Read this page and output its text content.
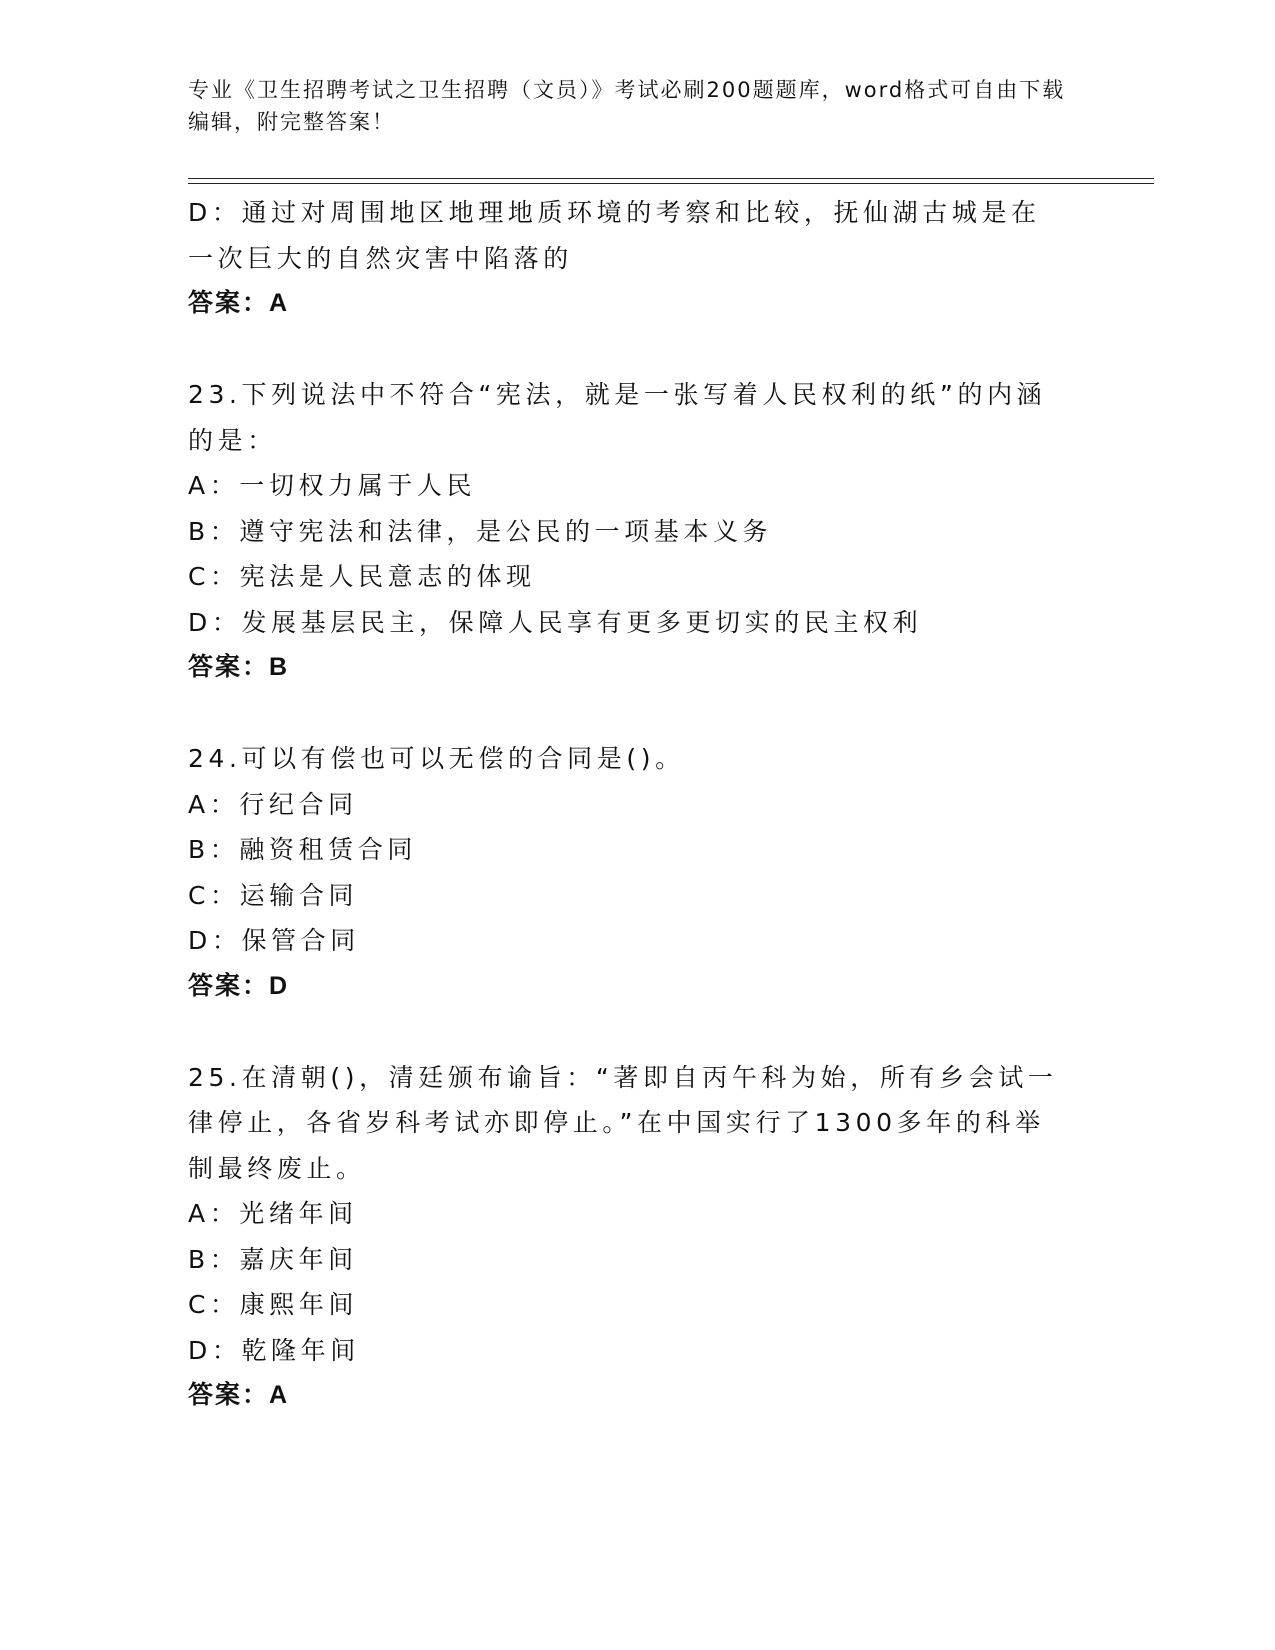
专业《卫生招聘考试之卫生招聘（文员）》考试必刷200题题库，word格式可自由下载编辑，附完整答案！
D：通过对周围地区地理地质环境的考察和比较，抚仙湖古城是在一次巨大的自然灾害中陷落的
答案：A
23.下列说法中不符合“宪法，就是一张写着人民权利的纸”的内涵的是：
A：一切权力属于人民
B：遵守宪法和法律，是公民的一项基本义务
C：宪法是人民意志的体现
D：发展基层民主，保障人民享有更多更切实的民主权利
答案：B
24.可以有偿也可以无偿的合同是()。
A：行纪合同
B：融资租赁合同
C：运输合同
D：保管合同
答案：D
25.在清朝()，清廷颁布谕旨：“著即自丙午科为始，所有乡会试一律停止，各省岁科考试亦即停止。”在中国实行了1300多年的科举制最终废止。
A：光绪年间
B：嘉庆年间
C：康熙年间
D：乾隆年间
答案：A
